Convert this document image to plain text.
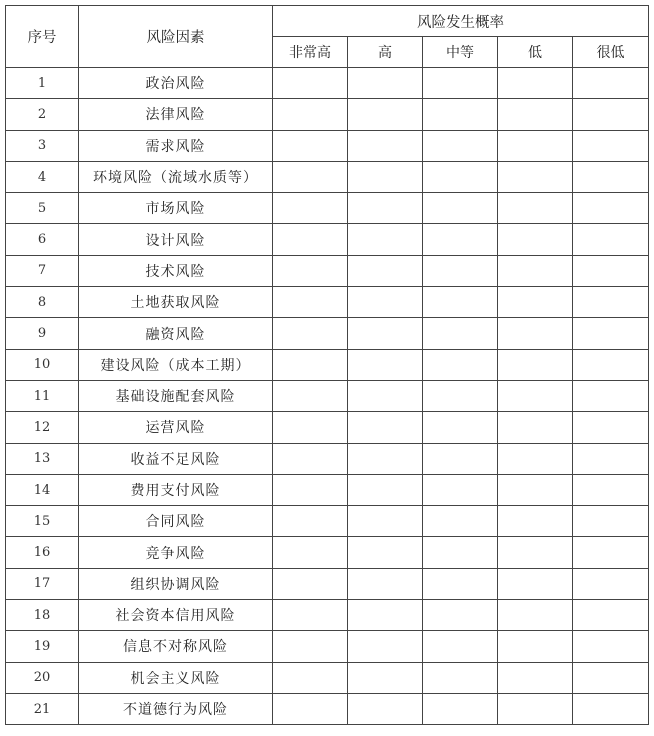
序号	风险因素	风险发生概率				
		非常高	高	中等	低	很低
1	政治风险					
2	法律风险					
3	需求风险					
4	环境风险（流域水质等）					
5	市场风险					
6	设计风险					
7	技术风险					
8	土地获取风险					
9	融资风险					
10	建设风险（成本工期）					
11	基础设施配套风险					
12	运营风险					
13	收益不足风险					
14	费用支付风险					
15	合同风险					
16	竞争风险					
17	组织协调风险					
18	社会资本信用风险					
19	信息不对称风险					
20	机会主义风险					
21	不道德行为风险					
